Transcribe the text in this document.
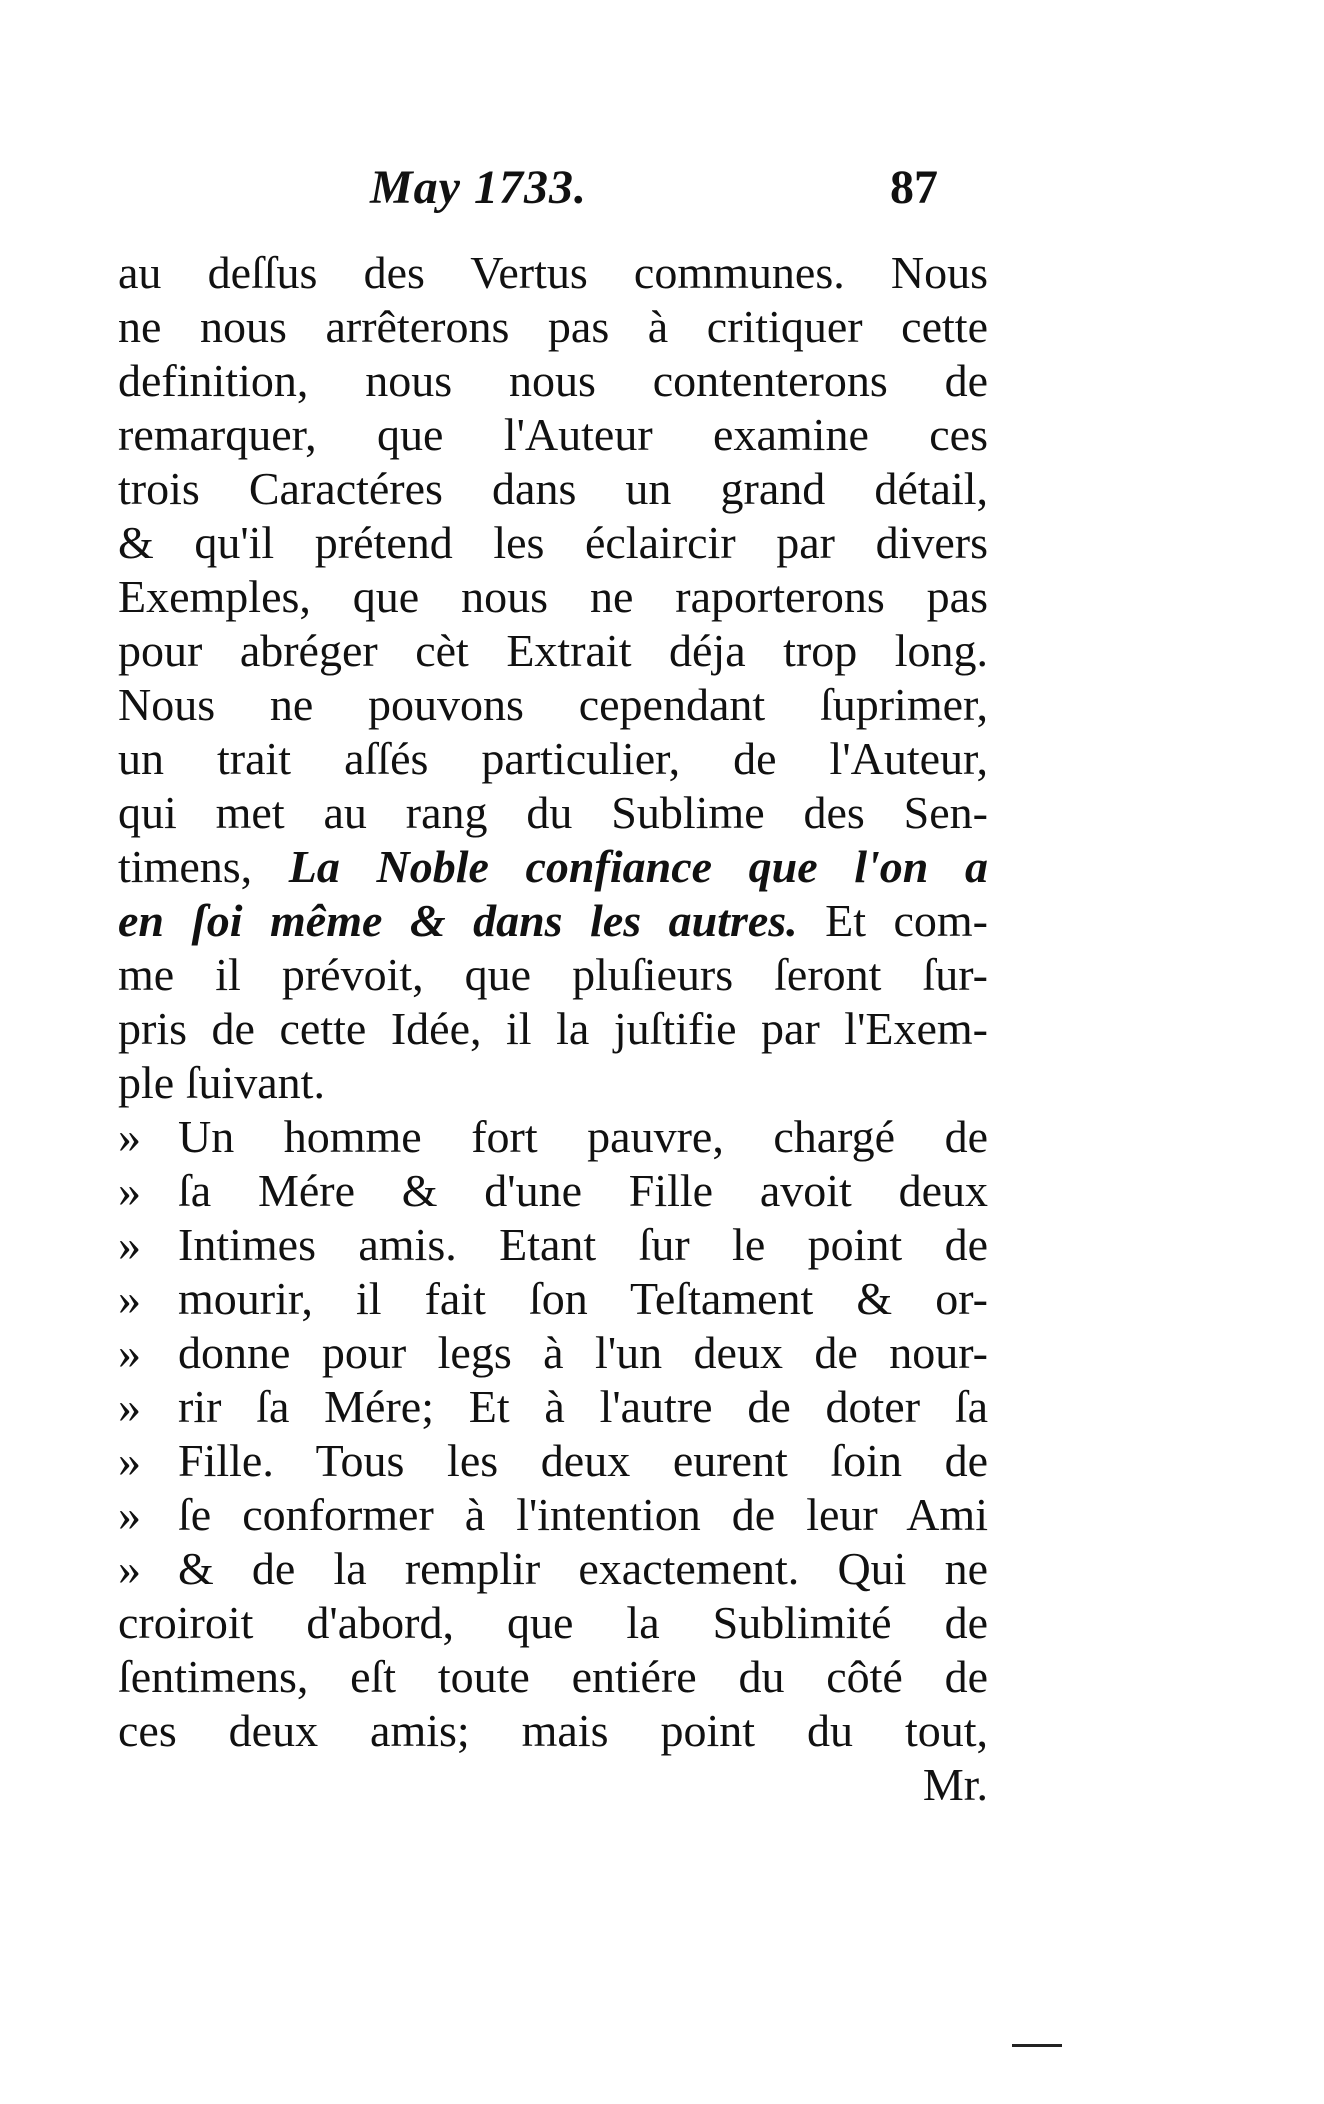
May 1733.	87
au deſſus des Vertus communes. Nous
ne nous arrêterons pas à critiquer cette
definition, nous nous contenterons de
remarquer, que l'Auteur examine ces
trois Caractéres dans un grand détail,
& qu'il prétend les éclaircir par divers
Exemples, que nous ne raporterons pas
pour abréger cèt Extrait déja trop long.
Nous ne pouvons cependant ſuprimer,
un trait aſſés particulier, de l'Auteur,
qui met au rang du Sublime des Sen-
timens, La Noble confiance que l'on a
en ſoi même & dans les autres. Et com-
me il prévoit, que pluſieurs ſeront ſur-
pris de cette Idée, il la juſtifie par l'Exem-
ple ſuivant.
» Un homme fort pauvre, chargé de
» ſa Mére & d'une Fille avoit deux
» Intimes amis. Etant ſur le point de
» mourir, il fait ſon Teſtament & or-
» donne pour legs à l'un deux de nour-
» rir ſa Mére; Et à l'autre de doter ſa
» Fille. Tous les deux eurent ſoin de
» ſe conformer à l'intention de leur Ami
» & de la remplir exactement. Qui ne
croiroit d'abord, que la Sublimité de
ſentimens, eſt toute entiére du côté de
ces deux amis; mais point du tout,
Mr.
